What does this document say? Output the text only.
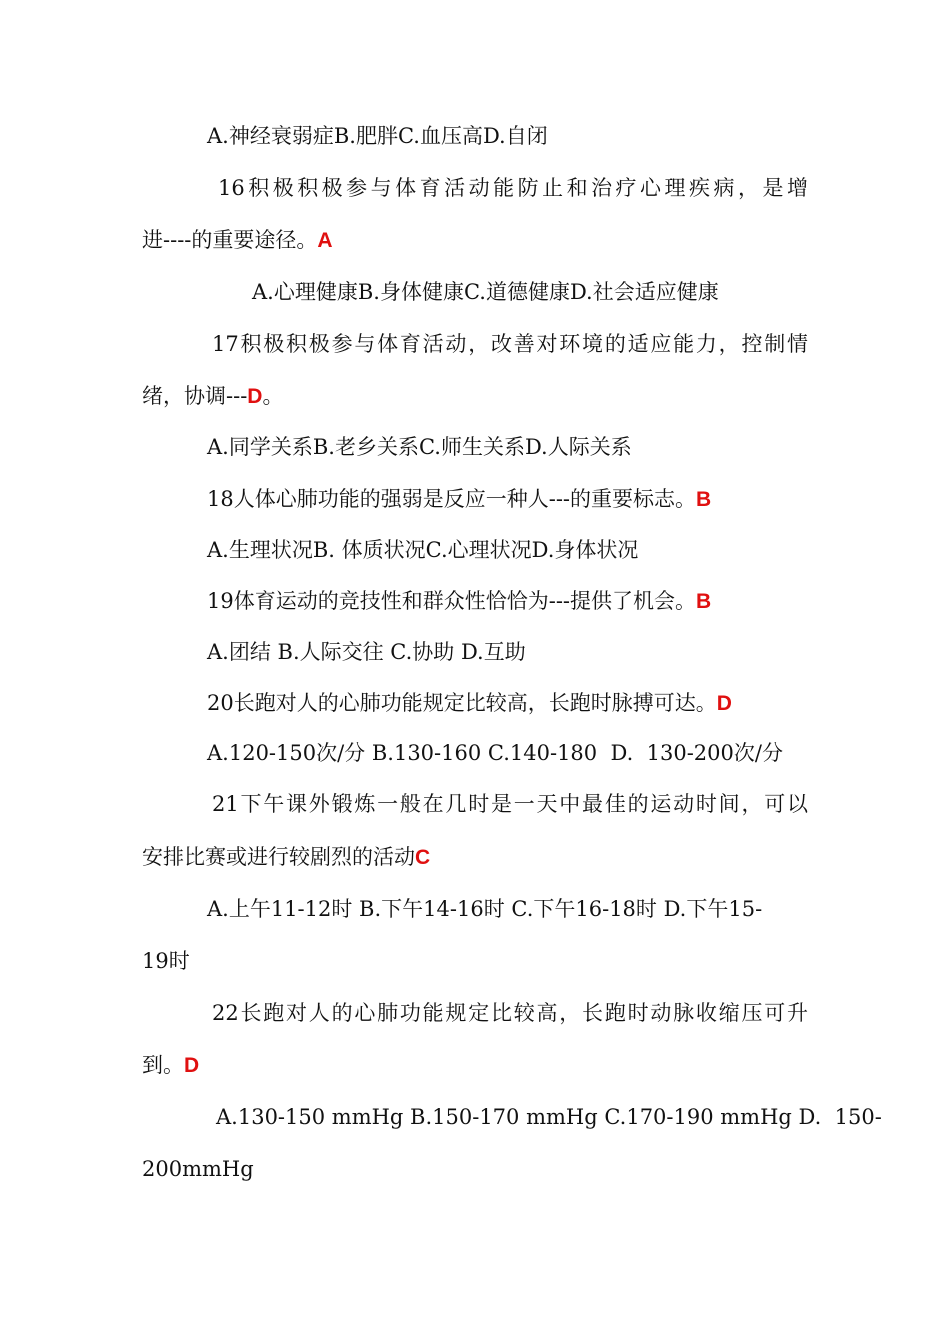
A.神经衰弱症B.肥胖C.血压高D.自闭
16积极积极参与体育活动能防止和治疗心理疾病，是增
进----的重要途径。A
A.心理健康B.身体健康C.道德健康D.社会适应健康
17积极积极参与体育活动，改善对环境的适应能力，控制情
绪，协调---D。
A.同学关系B.老乡关系C.师生关系D.人际关系
18人体心肺功能的强弱是反应一种人---的重要标志。B
A.生理状况B. 体质状况C.心理状况D.身体状况
19体育运动的竞技性和群众性恰恰为---提供了机会。B
A.团结 B.人际交往 C.协助 D.互助
20长跑对人的心肺功能规定比较高，长跑时脉搏可达。D
A.120-150次/分 B.130-160 C.140-180  D.  130-200次/分
21下午课外锻炼一般在几时是一天中最佳的运动时间，可以
安排比赛或进行较剧烈的活动C
A.上午11-12时 B.下午14-16时 C.下午16-18时 D.下午15-
19时
22长跑对人的心肺功能规定比较高，长跑时动脉收缩压可升
到。D
A.130-150 mmHg B.150-170 mmHg C.170-190 mmHg D.  150-
200mmHg
